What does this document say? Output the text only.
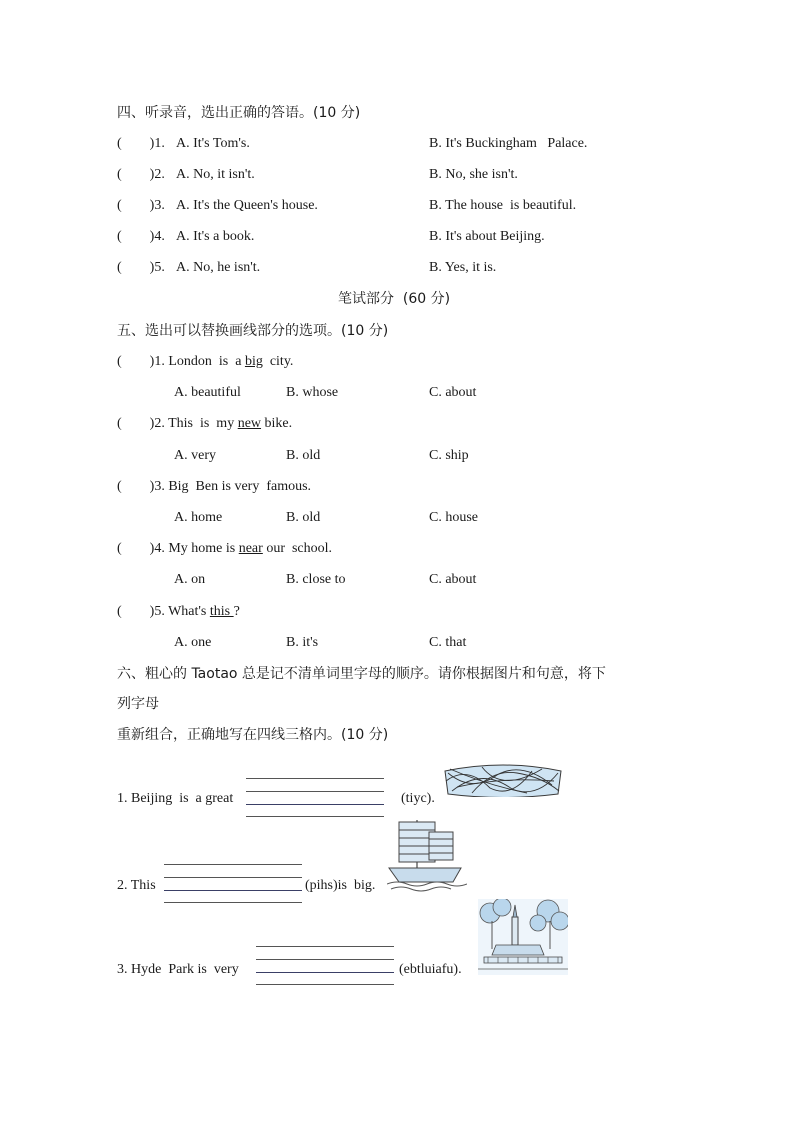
四、听录音，选出正确的答语。(10 分)
(        )1. A. It's Tom's.	B. It's Buckingham   Palace.
(        )2. A. No, it isn't.	B. No, she isn't.
(        )3. A. It's the Queen's house.	B. The house  is beautiful.
(        )4. A. It's a book.	B. It's about Beijing.
(        )5. A. No, he isn't.	B. Yes, it is.
笔试部分  (60 分)
五、选出可以替换画线部分的选项。(10 分)
(        )1. London  is  a big  city.
A. beautiful	B. whose	C. about
(        )2. This  is  my new bike.
A. very	B. old	C. ship
(        )3. Big  Ben is very  famous.
A. home	B. old	C. house
(        )4. My home is near our  school.
A. on	B. close to	C. about
(        )5. What's this ?
A. one	B. it's	C. that
六、粗心的 Taotao 总是记不清单词里字母的顺序。请你根据图片和句意，将下
列字母
重新组合，正确地写在四线三格内。(10 分)
1. Beijing  is  a great	(tiyc).
2. This	(pihs)is  big.
3. Hyde  Park is  very	(ebtluiafu).
